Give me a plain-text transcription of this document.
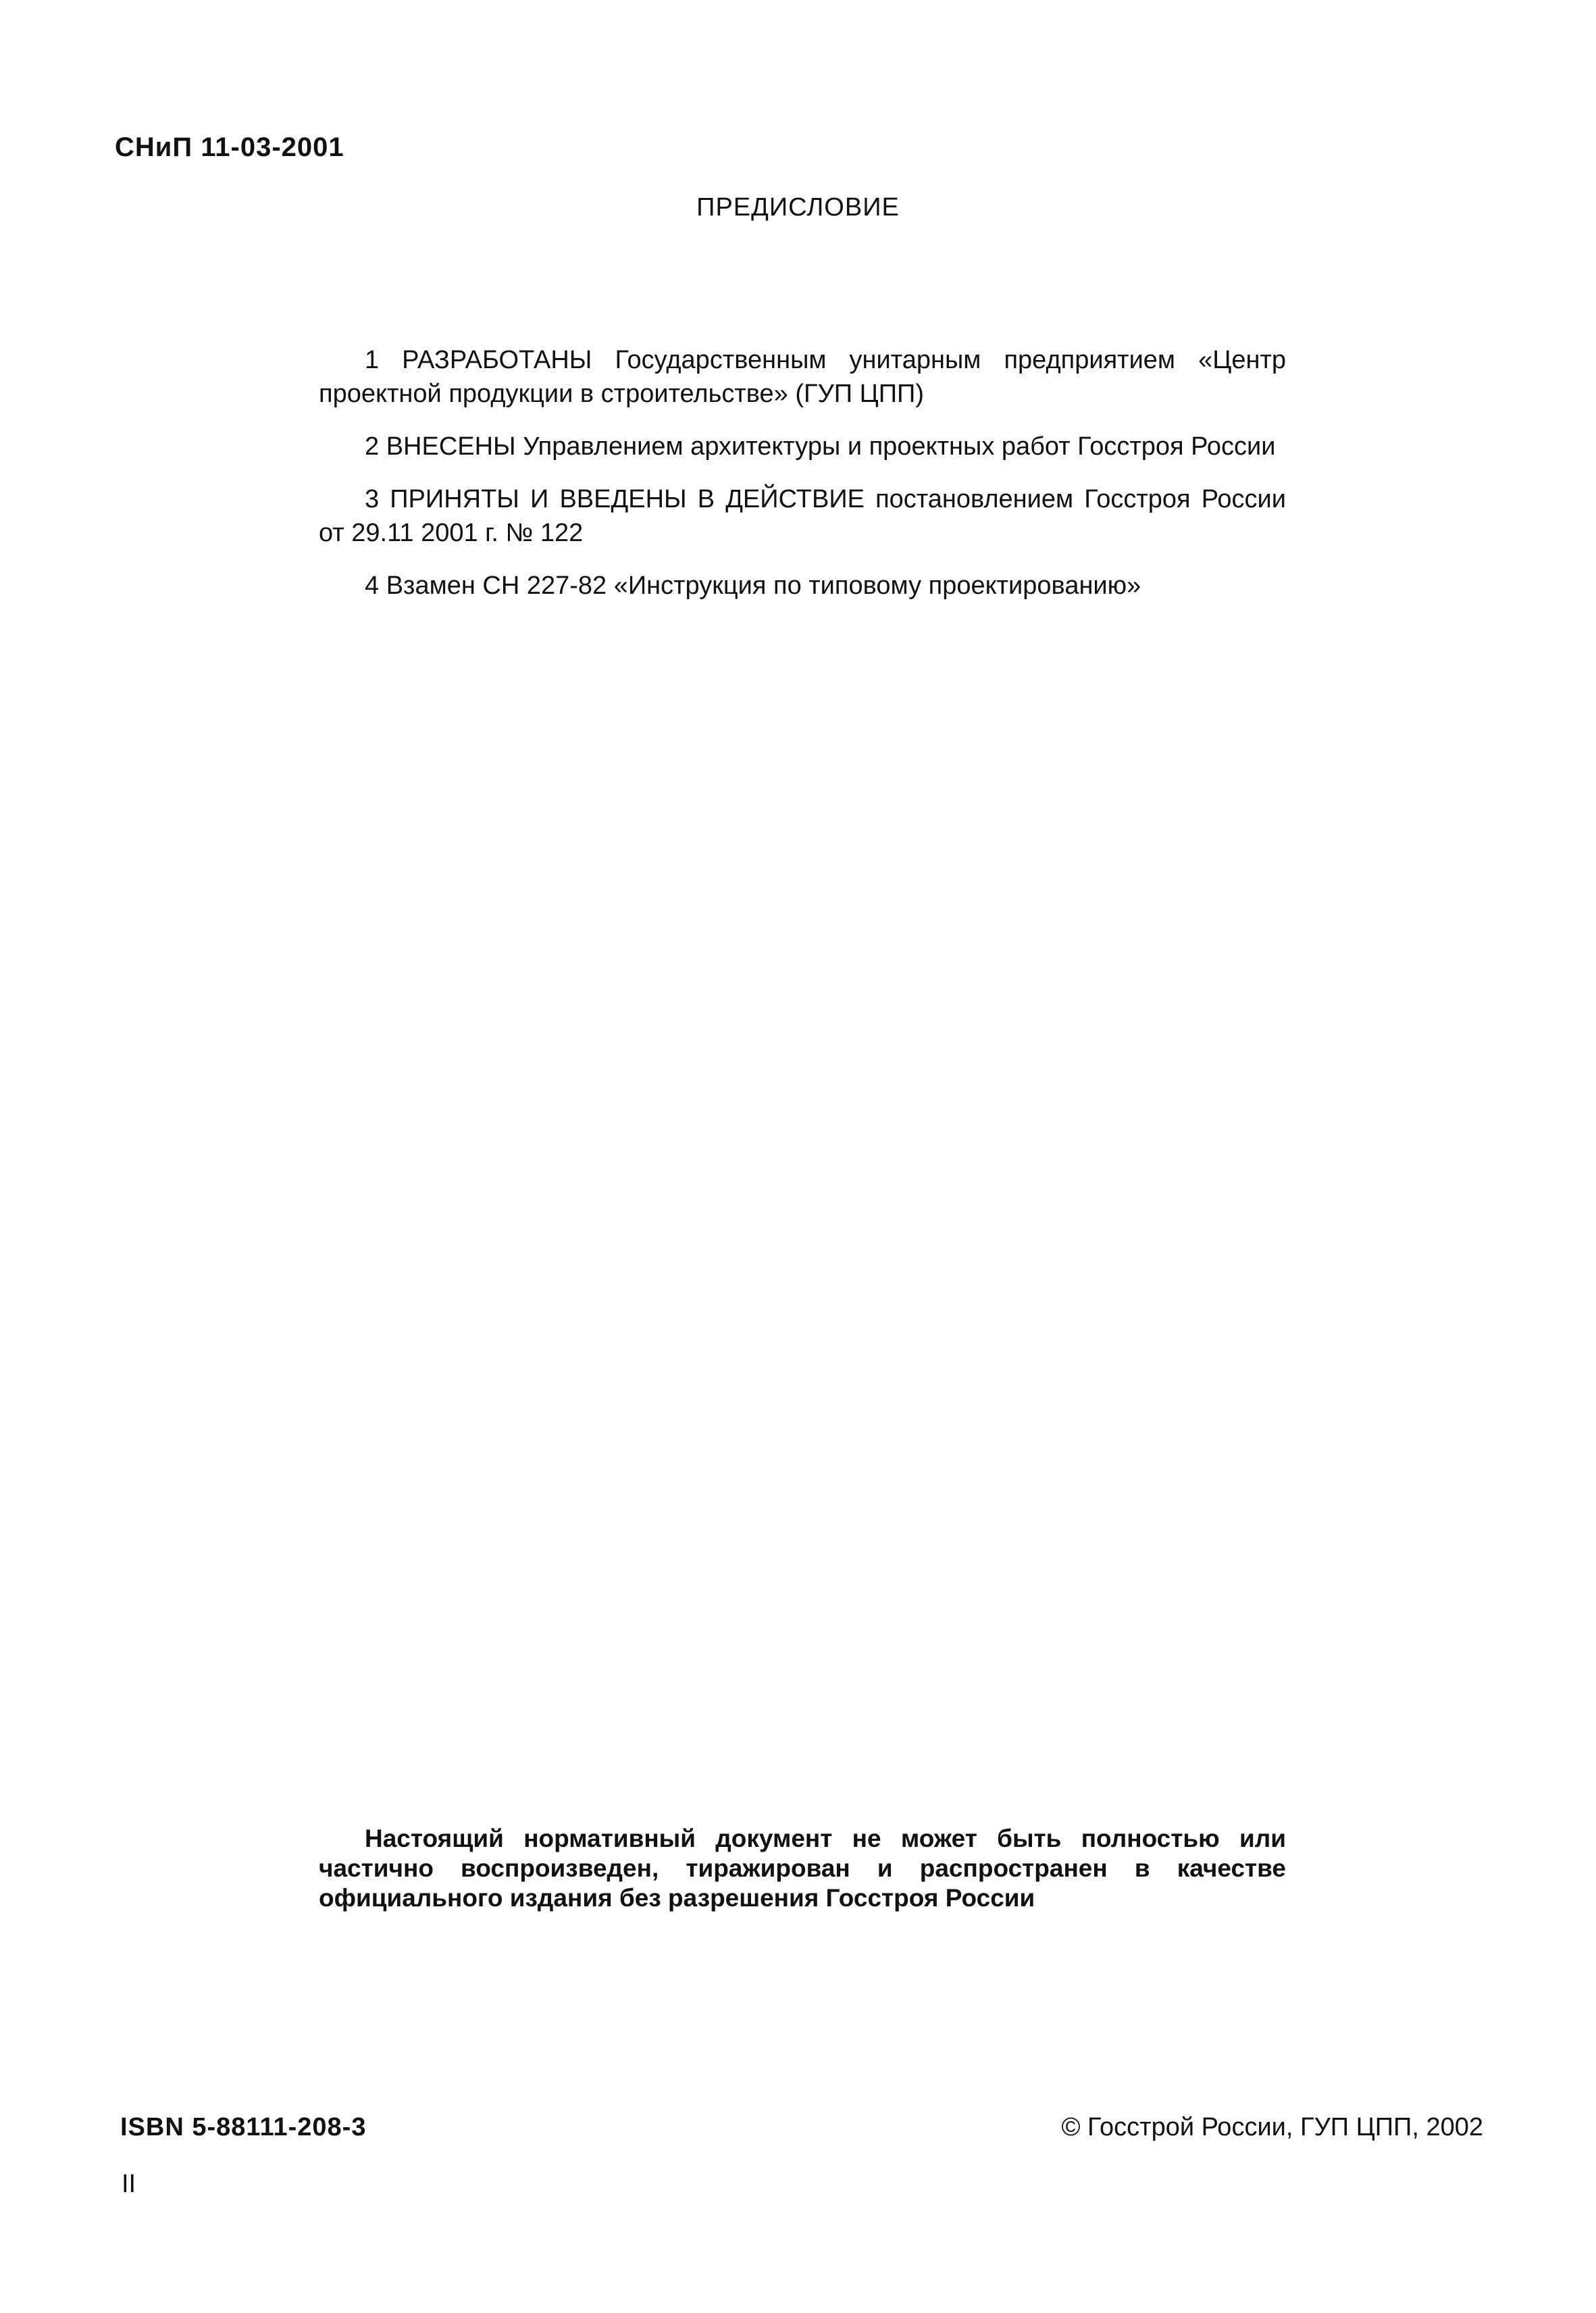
СНиП 11-03-2001
ПРЕДИСЛОВИЕ

1 РАЗРАБОТАНЫ Государственным унитарным предприятием «Центр проектной продукции в строительстве» (ГУП ЦПП)

2 ВНЕСЕНЫ Управлением архитектуры и проектных работ Госстроя России

3 ПРИНЯТЫ И ВВЕДЕНЫ В ДЕЙСТВИЕ постановлением Госстроя России от 29.11 2001 г. № 122

4 Взамен СН 227-82 «Инструкция по типовому проектированию»

Настоящий нормативный документ не может быть полностью или частично воспроизведен, тиражирован и распространен в качестве официального издания без разрешения Госстроя России
ISBN 5-88111-208-3	© Госстрой России, ГУП ЦПП, 2002
II
